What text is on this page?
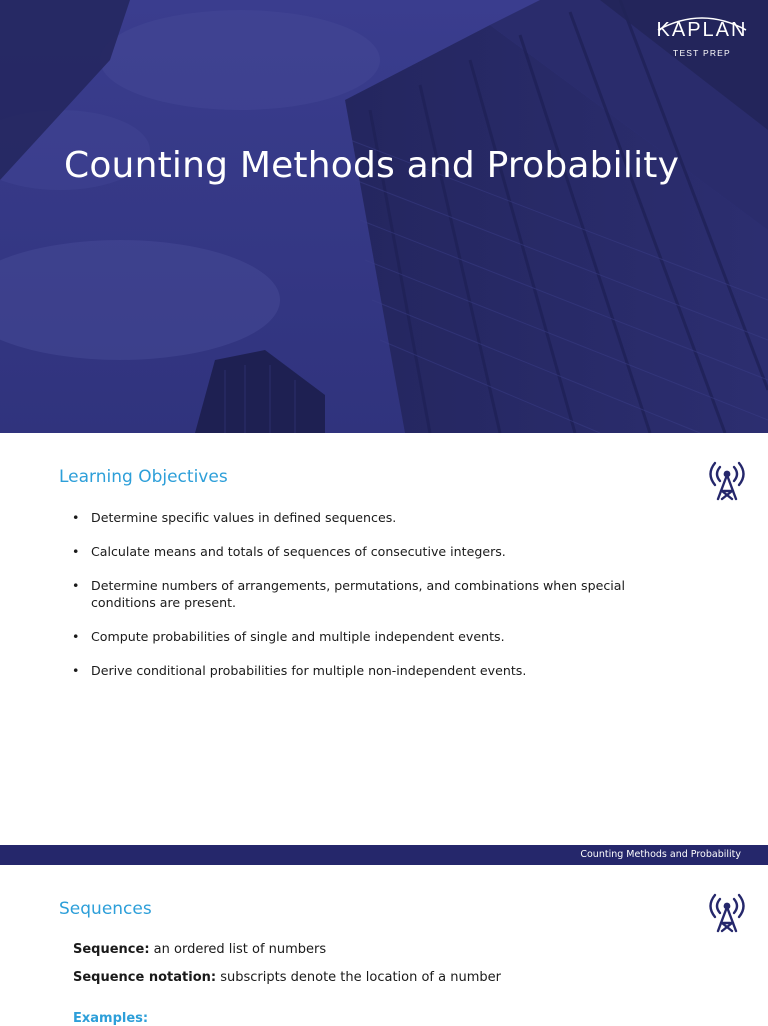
KAPLAN
TEST PREP
Counting Methods and Probability
Learning Objectives
• Determine specific values in defined sequences.
• Calculate means and totals of sequences of consecutive integers.
• Determine numbers of arrangements, permutations, and combinations when special conditions are present.
• Compute probabilities of single and multiple independent events.
• Derive conditional probabilities for multiple non-independent events.
Counting Methods and Probability
Sequences

Sequence: an ordered list of numbers

Sequence notation: subscripts denote the location of a number

Examples:
